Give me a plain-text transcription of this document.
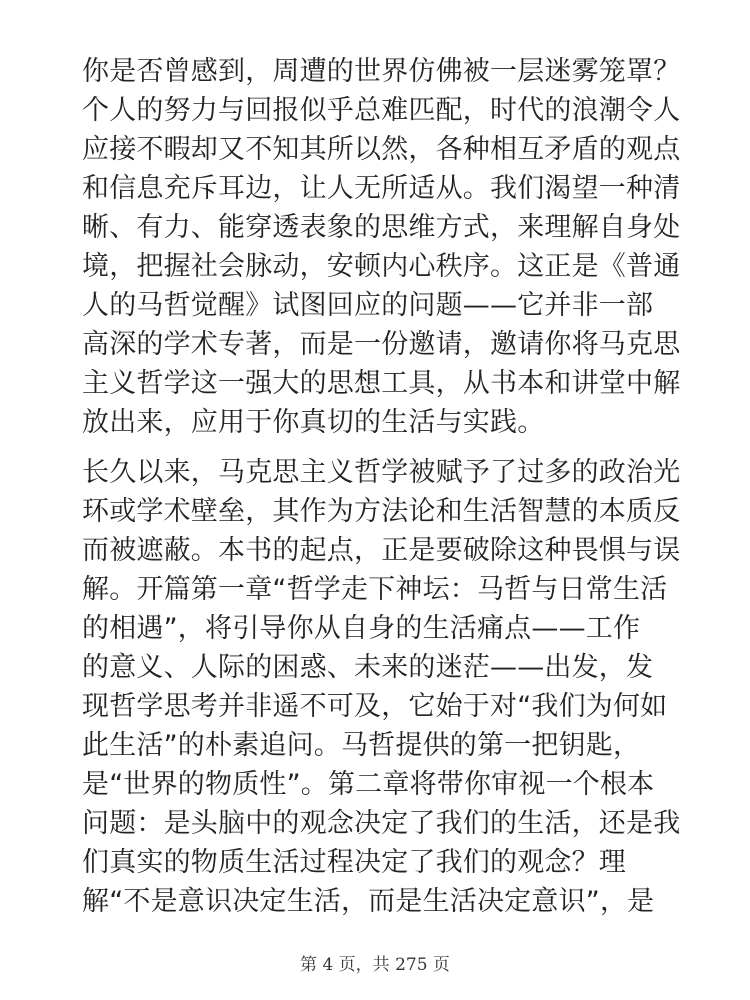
你是否曾感到，周遭的世界仿佛被一层迷雾笼罩？
个人的努力与回报似乎总难匹配，时代的浪潮令人
应接不暇却又不知其所以然，各种相互矛盾的观点
和信息充斥耳边，让人无所适从。我们渴望一种清
晰、有力、能穿透表象的思维方式，来理解自身处
境，把握社会脉动，安顿内心秩序。这正是《普通
人的马哲觉醒》试图回应的问题——它并非一部
高深的学术专著，而是一份邀请，邀请你将马克思
主义哲学这一强大的思想工具，从书本和讲堂中解
放出来，应用于你真切的生活与实践。
长久以来，马克思主义哲学被赋予了过多的政治光
环或学术壁垒，其作为方法论和生活智慧的本质反
而被遮蔽。本书的起点，正是要破除这种畏惧与误
解。开篇第一章“哲学走下神坛：马哲与日常生活
的相遇”，将引导你从自身的生活痛点——工作
的意义、人际的困惑、未来的迷茫——出发，发
现哲学思考并非遥不可及，它始于对“我们为何如
此生活”的朴素追问。马哲提供的第一把钥匙，
是“世界的物质性”。第二章将带你审视一个根本
问题：是头脑中的观念决定了我们的生活，还是我
们真实的物质生活过程决定了我们的观念？理
解“不是意识决定生活，而是生活决定意识”，是
第 4 页，共 275 页
